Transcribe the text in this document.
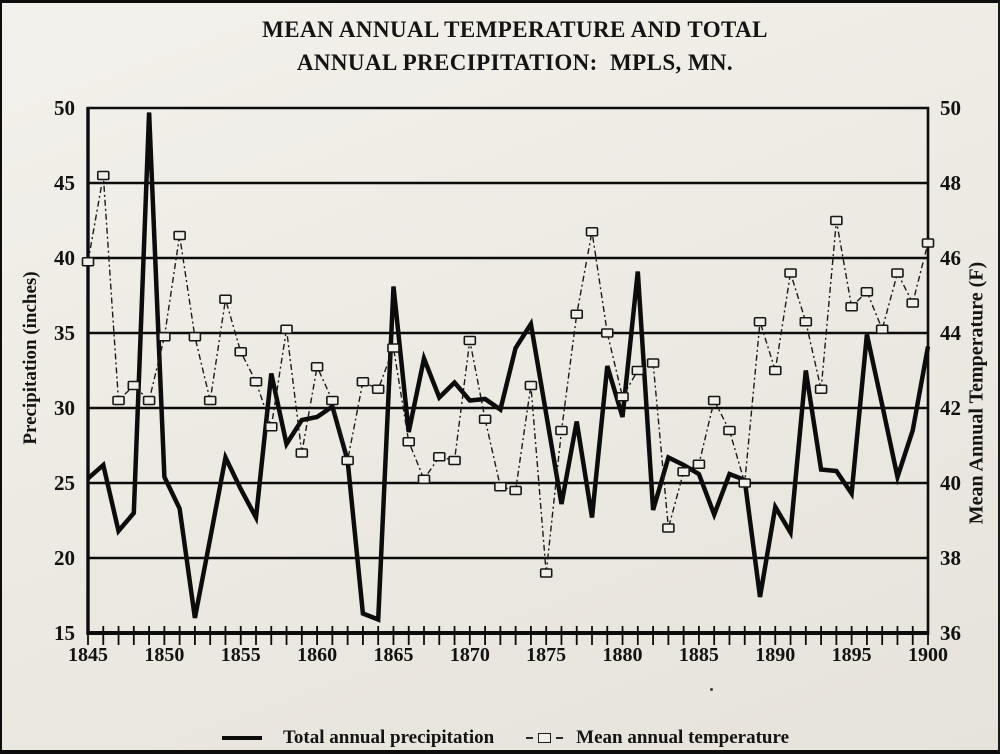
MEAN ANNUAL TEMPERATURE AND TOTAL
ANNUAL PRECIPITATION:  MPLS, MN.
1845 1850 1855 1860 1865 1870 1875 1880 1885 1890 1895 1900
50
45
40
35
30
25
20
15
50
48
46
44
42
40
38
36
Precipitation (inches)	Mean Annual Temperature (F)
Total annual precipitation	Mean annual temperature
